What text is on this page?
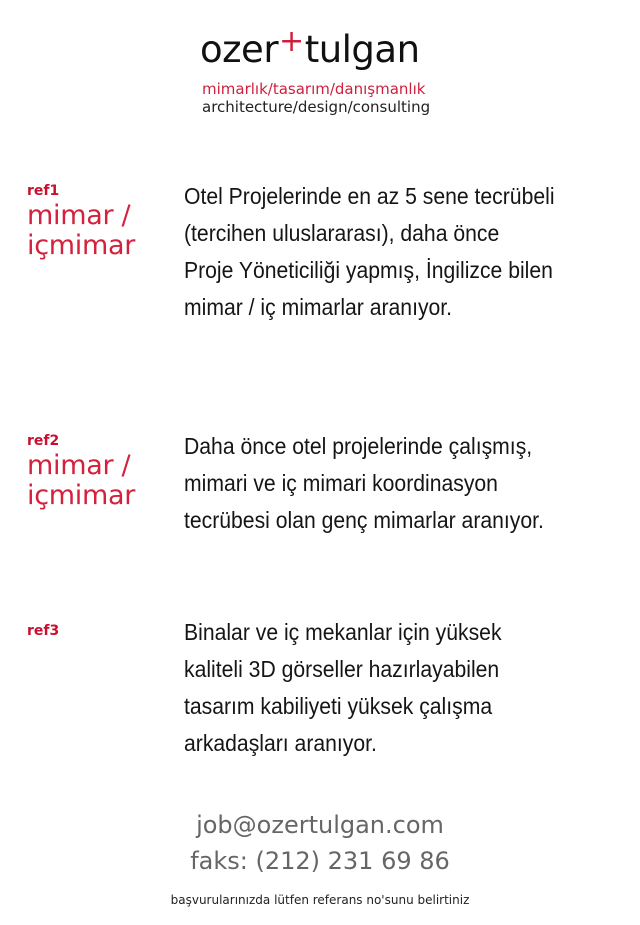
ozer+tulgan
mimarlık/tasarım/danışmanlık
architecture/design/consulting
ref1
mimar /
içmimar
Otel Projelerinde en az 5 sene tecrübeli
(tercihen uluslararası), daha önce
Proje Yöneticiliği yapmış, İngilizce bilen
mimar / iç mimarlar aranıyor.
ref2
mimar /
içmimar
Daha önce otel projelerinde çalışmış,
mimari ve iç mimari koordinasyon
tecrübesi olan genç mimarlar aranıyor.
ref3	Binalar ve iç mekanlar için yüksek
kaliteli 3D görseller hazırlayabilen
tasarım kabiliyeti yüksek çalışma
arkadaşları aranıyor.
job@ozertulgan.com
faks: (212) 231 69 86
başvurularınızda lütfen referans no'sunu belirtiniz
